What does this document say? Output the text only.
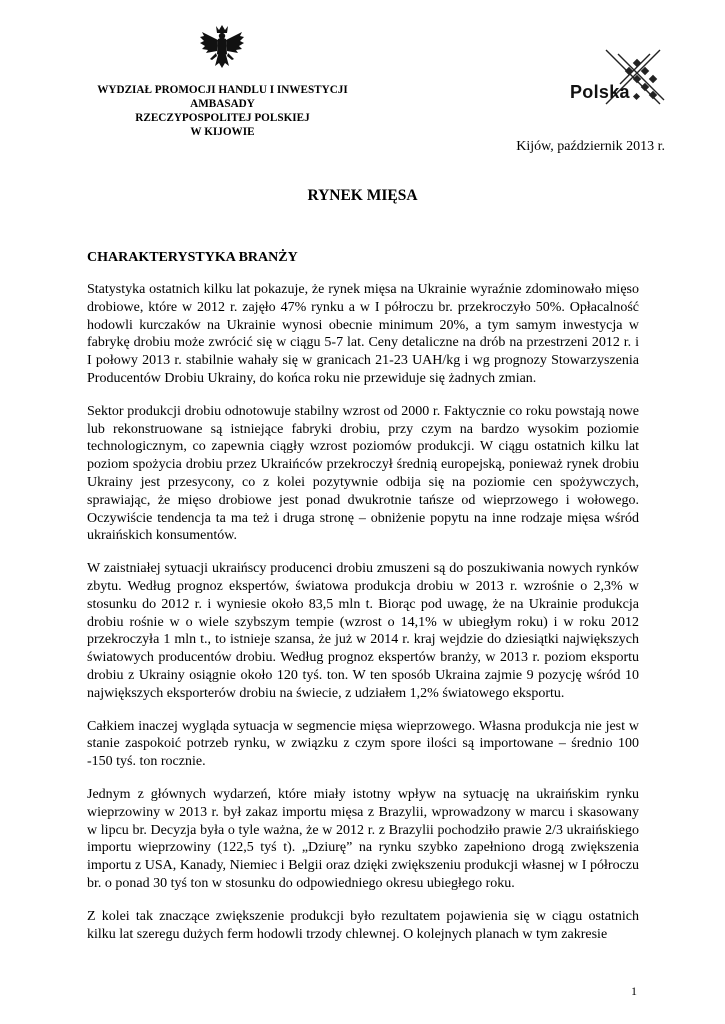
WYDZIAŁ PROMOCJI HANDLU I INWESTYCJI
AMBASADY
RZECZYPOSPOLITEJ POLSKIEJ
W KIJOWIE
Polska
Kijów, październik 2013 r.
RYNEK MIĘSA
CHARAKTERYSTYKA BRANŻY

Statystyka ostatnich kilku lat pokazuje, że rynek mięsa na Ukrainie wyraźnie zdominowało mięso drobiowe, które w 2012 r. zajęło 47% rynku a w I półroczu br. przekroczyło 50%. Opłacalność hodowli kurczaków na Ukrainie wynosi obecnie minimum 20%, a tym samym inwestycja w fabrykę drobiu może zwrócić się w ciągu 5-7 lat. Ceny detaliczne na drób na przestrzeni 2012 r. i I połowy 2013 r. stabilnie wahały się w granicach 21-23 UAH/kg i wg prognozy Stowarzyszenia Producentów Drobiu Ukrainy, do końca roku nie przewiduje się żadnych zmian.

Sektor produkcji drobiu odnotowuje stabilny wzrost od 2000 r. Faktycznie co roku powstają nowe lub rekonstruowane są istniejące fabryki drobiu, przy czym na bardzo wysokim poziomie technologicznym, co zapewnia ciągły wzrost poziomów produkcji. W ciągu ostatnich kilku lat poziom spożycia drobiu przez Ukraińców przekroczył średnią europejską, ponieważ rynek drobiu Ukrainy jest przesycony, co z kolei pozytywnie odbija się na poziomie cen spożywczych, sprawiając, że mięso drobiowe jest ponad dwukrotnie tańsze od wieprzowego i wołowego. Oczywiście tendencja ta ma też i druga stronę – obniżenie popytu na inne rodzaje mięsa wśród ukraińskich konsumentów.

W zaistniałej sytuacji ukraińscy producenci drobiu zmuszeni są do poszukiwania nowych rynków zbytu. Według prognoz ekspertów, światowa produkcja drobiu w 2013 r. wzrośnie o 2,3% w stosunku do 2012 r. i wyniesie około 83,5 mln t. Biorąc pod uwagę, że na Ukrainie produkcja drobiu rośnie w o wiele szybszym tempie (wzrost o 14,1% w ubiegłym roku) i w roku 2012 przekroczyła 1 mln t., to istnieje szansa, że już w 2014 r. kraj wejdzie do dziesiątki największych światowych producentów drobiu. Według prognoz ekspertów branży, w 2013 r. poziom eksportu drobiu z Ukrainy osiągnie około 120 tyś. ton. W ten sposób Ukraina zajmie 9 pozycję wśród 10 największych eksporterów drobiu na świecie, z udziałem 1,2% światowego eksportu.

Całkiem inaczej wygląda sytuacja w segmencie mięsa wieprzowego. Własna produkcja nie jest w stanie zaspokoić potrzeb rynku, w związku z czym spore ilości są importowane – średnio 100 -150 tyś. ton rocznie.

Jednym z głównych wydarzeń, które miały istotny wpływ na sytuację na ukraińskim rynku wieprzowiny w 2013 r. był zakaz importu mięsa z Brazylii, wprowadzony w marcu i skasowany w lipcu br. Decyzja była o tyle ważna, że w 2012 r. z Brazylii pochodziło prawie 2/3 ukraińskiego importu wieprzowiny (122,5 tyś t). „Dziurę” na rynku szybko zapełniono drogą zwiększenia importu z USA, Kanady, Niemiec i Belgii oraz dzięki zwiększeniu produkcji własnej w I półroczu br. o ponad 30 tyś ton w stosunku do odpowiedniego okresu ubiegłego roku.

Z kolei tak znaczące zwiększenie produkcji było rezultatem pojawienia się w ciągu ostatnich kilku lat szeregu dużych ferm hodowli trzody chlewnej. O kolejnych planach w tym zakresie

1
